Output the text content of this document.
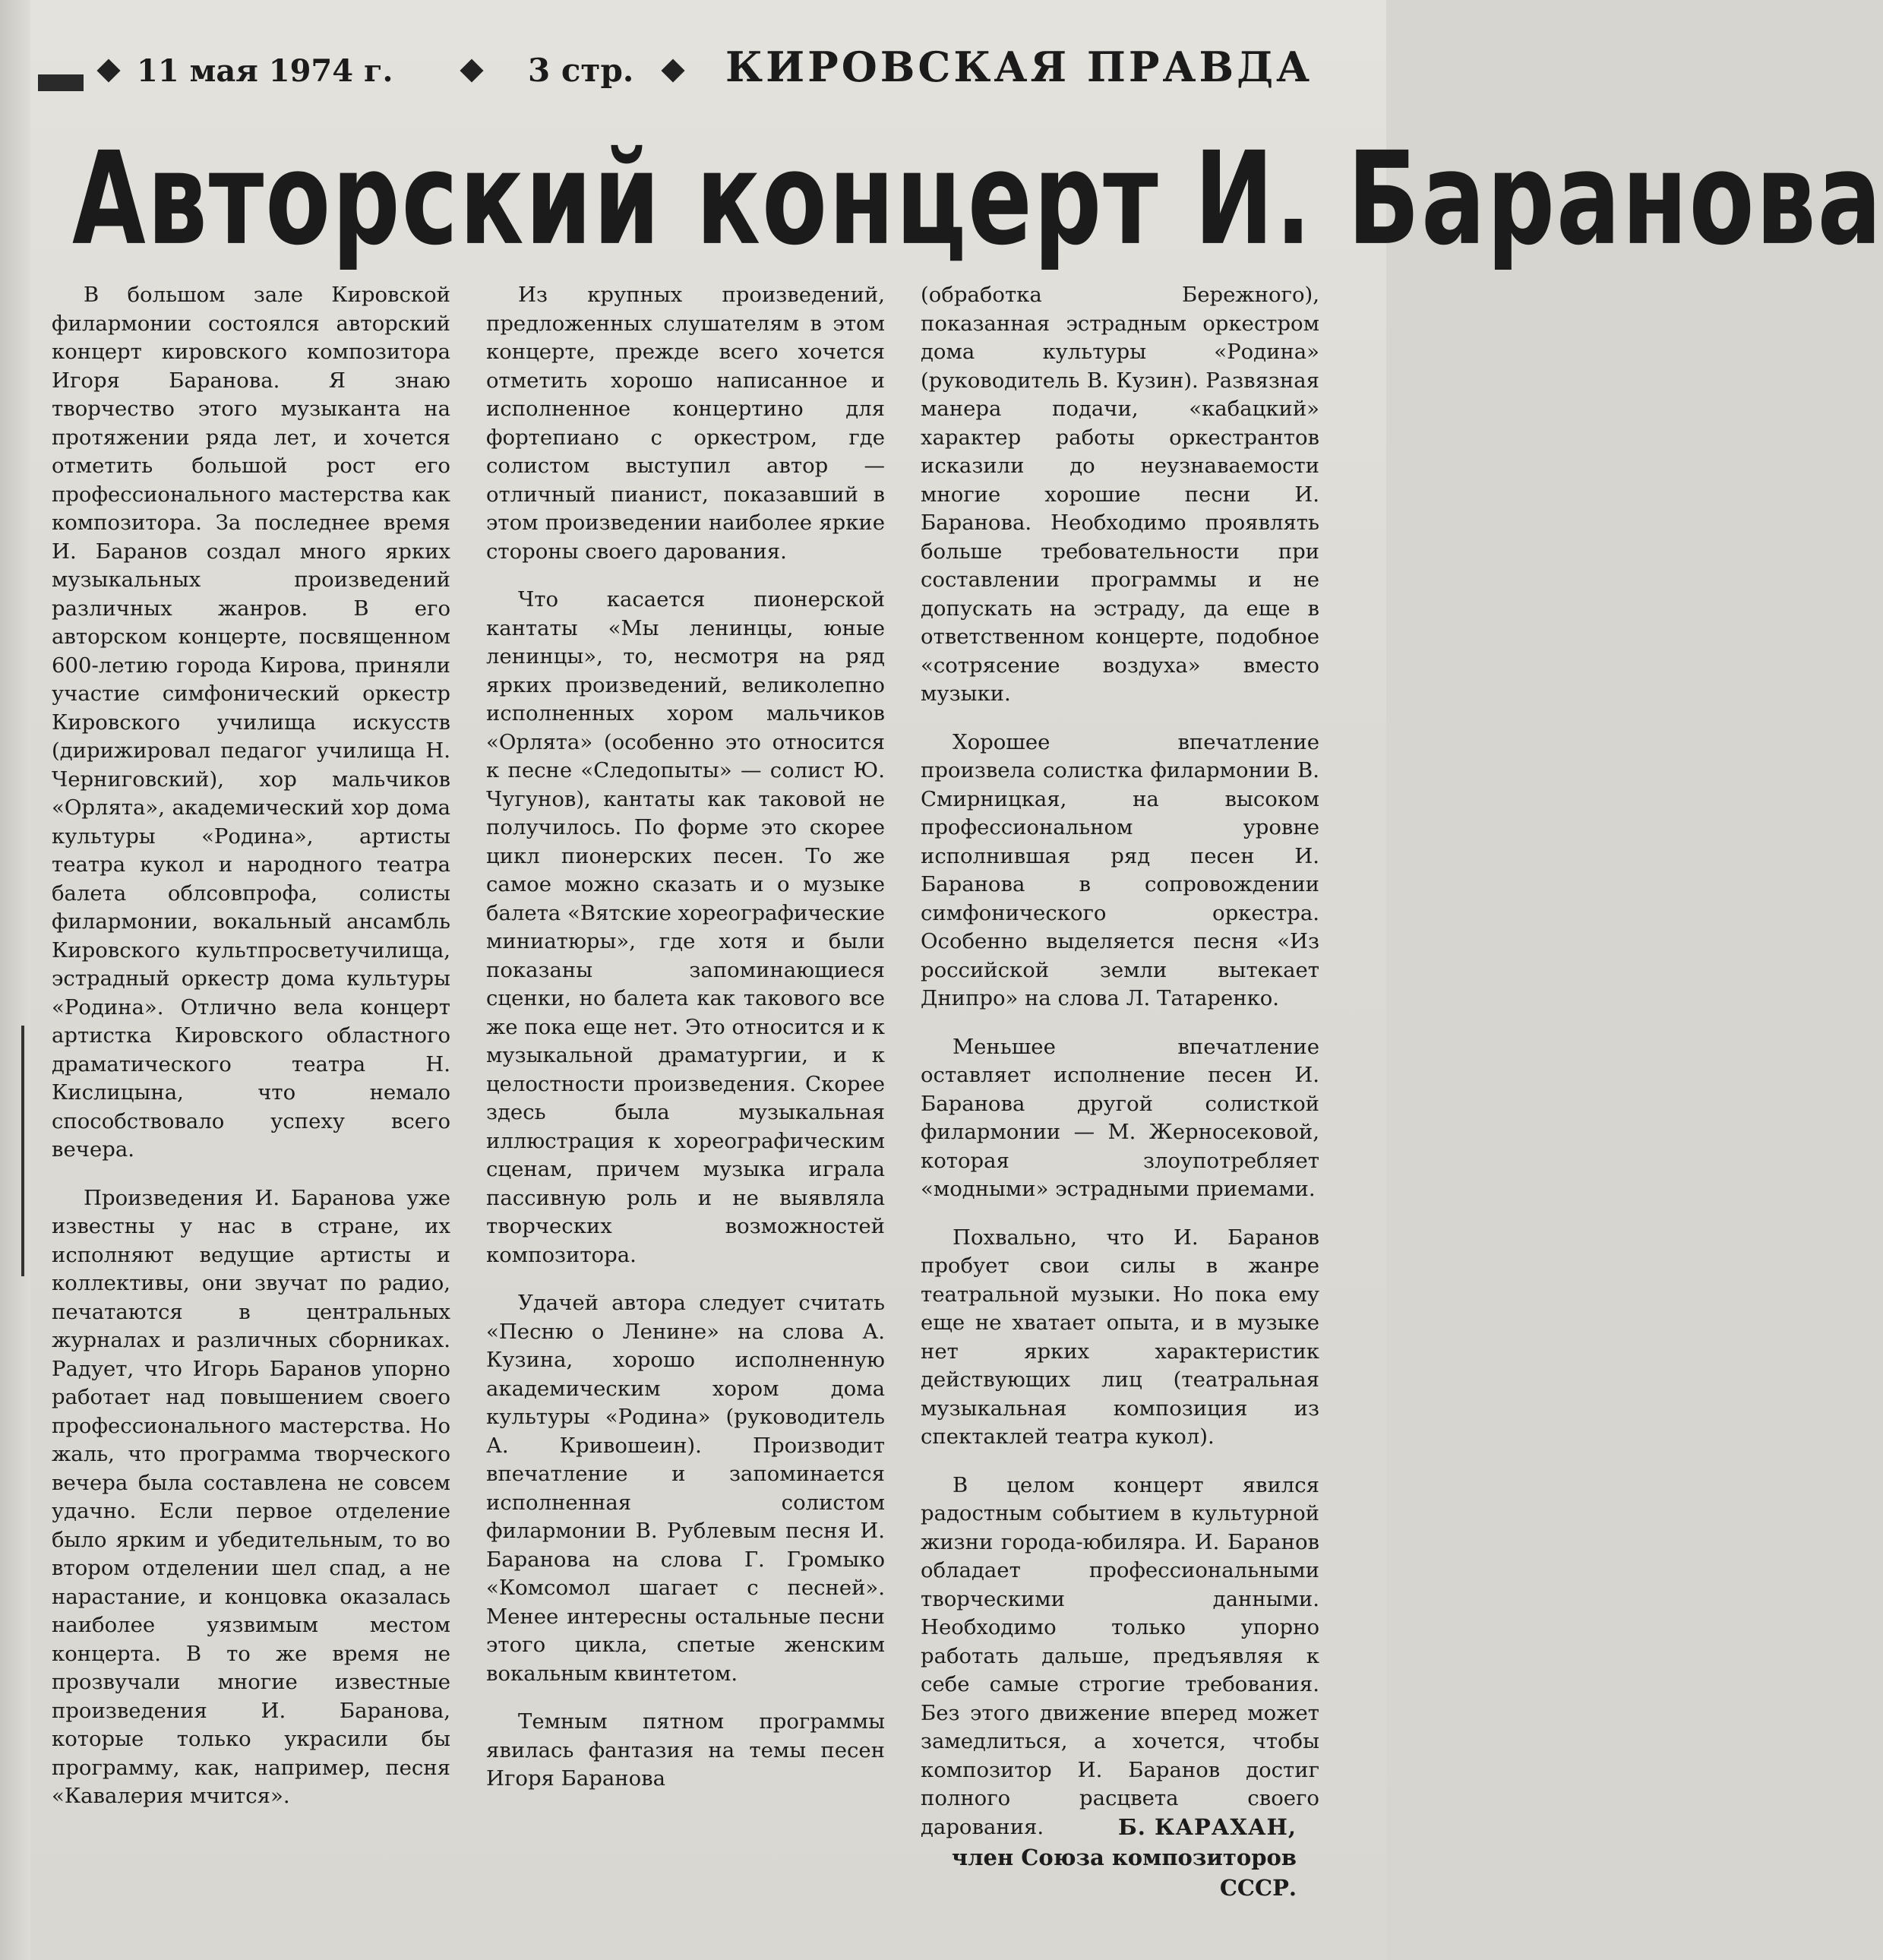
11 мая 1974 г.	3 стр. КИРОВСКАЯ ПРАВДА
Авторский концерт И. Баранова

В большом зале Кировской филармонии состоялся авторский концерт кировского композитора Игоря Баранова. Я знаю творчество этого музыканта на протяжении ряда лет, и хочется отметить большой рост его профессионального мастерства как композитора. За последнее время И. Баранов создал много ярких музыкальных произведений различных жанров. В его авторском концерте, посвященном 600-летию города Кирова, приняли участие симфонический оркестр Кировского училища искусств (дирижировал педагог училища Н. Черниговский), хор мальчиков «Орлята», академический хор дома культуры «Родина», артисты театра кукол и народного театра балета облсовпрофа, солисты филармонии, вокальный ансамбль Кировского культпросветучилища, эстрадный оркестр дома культуры «Родина». Отлично вела концерт артистка Кировского областного драматического театра Н. Кислицына, что немало способствовало успеху всего вечера.

Произведения И. Баранова уже известны у нас в стране, их исполняют ведущие артисты и коллективы, они звучат по радио, печатаются в центральных журналах и различных сборниках. Радует, что Игорь Баранов упорно работает над повышением своего профессионального мастерства. Но жаль, что программа творческого вечера была составлена не совсем удачно. Если первое отделение было ярким и убедительным, то во втором отделении шел спад, а не нарастание, и концовка оказалась наиболее уязвимым местом концерта. В то же время не прозвучали многие известные произведения И. Баранова, которые только украсили бы программу, как, например, песня «Кавалерия мчится».

Из крупных произведений, предложенных слушателям в этом концерте, прежде всего хочется отметить хорошо написанное и исполненное концертино для фортепиано с оркестром, где солистом выступил автор — отличный пианист, показавший в этом произведении наиболее яркие стороны своего дарования.

Что касается пионерской кантаты «Мы ленинцы, юные ленинцы», то, несмотря на ряд ярких произведений, великолепно исполненных хором мальчиков «Орлята» (особенно это относится к песне «Следопыты» — солист Ю. Чугунов), кантаты как таковой не получилось. По форме это скорее цикл пионерских песен. То же самое можно сказать и о музыке балета «Вятские хореографические миниатюры», где хотя и были показаны запоминающиеся сценки, но балета как такового все же пока еще нет. Это относится и к музыкальной драматургии, и к целостности произведения. Скорее здесь была музыкальная иллюстрация к хореографическим сценам, причем музыка играла пассивную роль и не выявляла творческих возможностей композитора.

Удачей автора следует считать «Песню о Ленине» на слова А. Кузина, хорошо исполненную академическим хором дома культуры «Родина» (руководитель А. Кривошеин). Производит впечатление и запоминается исполненная солистом филармонии В. Рублевым песня И. Баранова на слова Г. Громыко «Комсомол шагает с песней». Менее интересны остальные песни этого цикла, спетые женским вокальным квинтетом.

Темным пятном программы явилась фантазия на темы песен Игоря Баранова

(обработка Бережного), показанная эстрадным оркестром дома культуры «Родина» (руководитель В. Кузин). Развязная манера подачи, «кабацкий» характер работы оркестрантов исказили до неузнаваемости многие хорошие песни И. Баранова. Необходимо проявлять больше требовательности при составлении программы и не допускать на эстраду, да еще в ответственном концерте, подобное «сотрясение воздуха» вместо музыки.

Хорошее впечатление произвела солистка филармонии В. Смирницкая, на высоком профессиональном уровне исполнившая ряд песен И. Баранова в сопровождении симфонического оркестра. Особенно выделяется песня «Из российской земли вытекает Днипро» на слова Л. Татаренко.

Меньшее впечатление оставляет исполнение песен И. Баранова другой солисткой филармонии — М. Жерносековой, которая злоупотребляет «модными» эстрадными приемами.

Похвально, что И. Баранов пробует свои силы в жанре театральной музыки. Но пока ему еще не хватает опыта, и в музыке нет ярких характеристик действующих лиц (театральная музыкальная композиция из спектаклей театра кукол).

В целом концерт явился радостным событием в культурной жизни города-юбиляра. И. Баранов обладает профессиональными творческими данными. Необходимо только упорно работать дальше, предъявляя к себе самые строгие требования. Без этого движение вперед может замедлиться, а хочется, чтобы композитор И. Баранов достиг полного расцвета своего дарования.	Б. КАРАХАН,
член Союза композиторов СССР.
